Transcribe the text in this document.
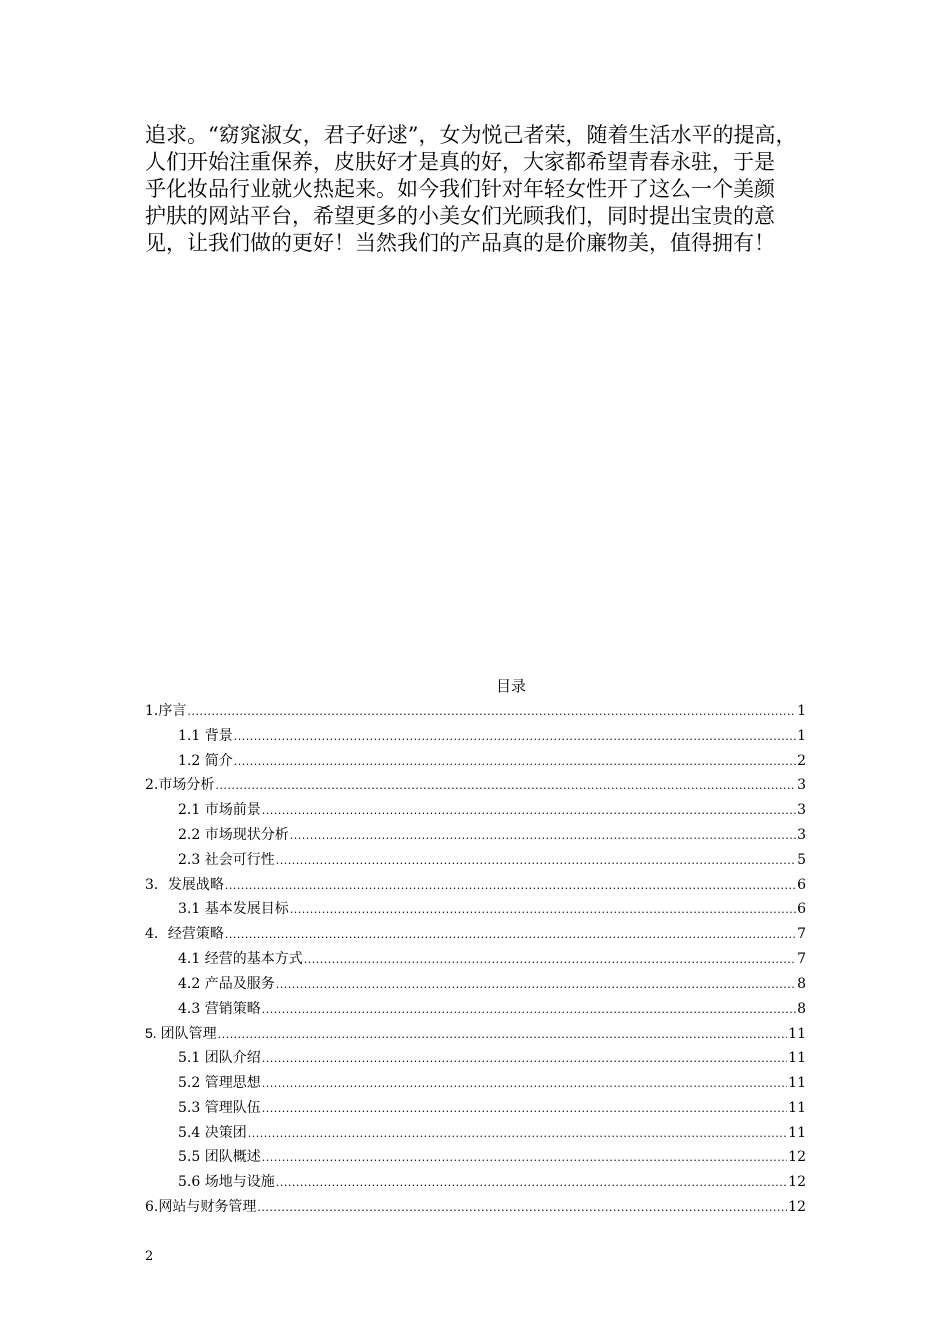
追求。“窈窕淑女，君子好逑”，女为悦己者荣，随着生活水平的提高，
人们开始注重保养，皮肤好才是真的好，大家都希望青春永驻，于是
乎化妆品行业就火热起来。如今我们针对年轻女性开了这么一个美颜
护肤的网站平台，希望更多的小美女们光顾我们，同时提出宝贵的意
见，让我们做的更好！当然我们的产品真的是价廉物美，值得拥有！
目录
1.序言 .....	1
1.1 背景 .....	1
1.2 简介 .....	2
2.市场分析 .....	3
2.1 市场前景 .....	3
2.2 市场现状分析 .....	3
2.3 社会可行性 .....	5
3．发展战略 .....	6
3.1 基本发展目标 .....	6
4．经营策略 .....	7
4.1 经营的基本方式 .....	7
4.2 产品及服务 .....	8
4.3 营销策略 .....	8
5. 团队管理 .....	11
5.1 团队介绍 .....	11
5.2 管理思想 .....	11
5.3 管理队伍 .....	11
5.4 决策团 .....	11
5.5 团队概述 .....	12
5.6 场地与设施 .....	12
6.网站与财务管理 .....	12

2
